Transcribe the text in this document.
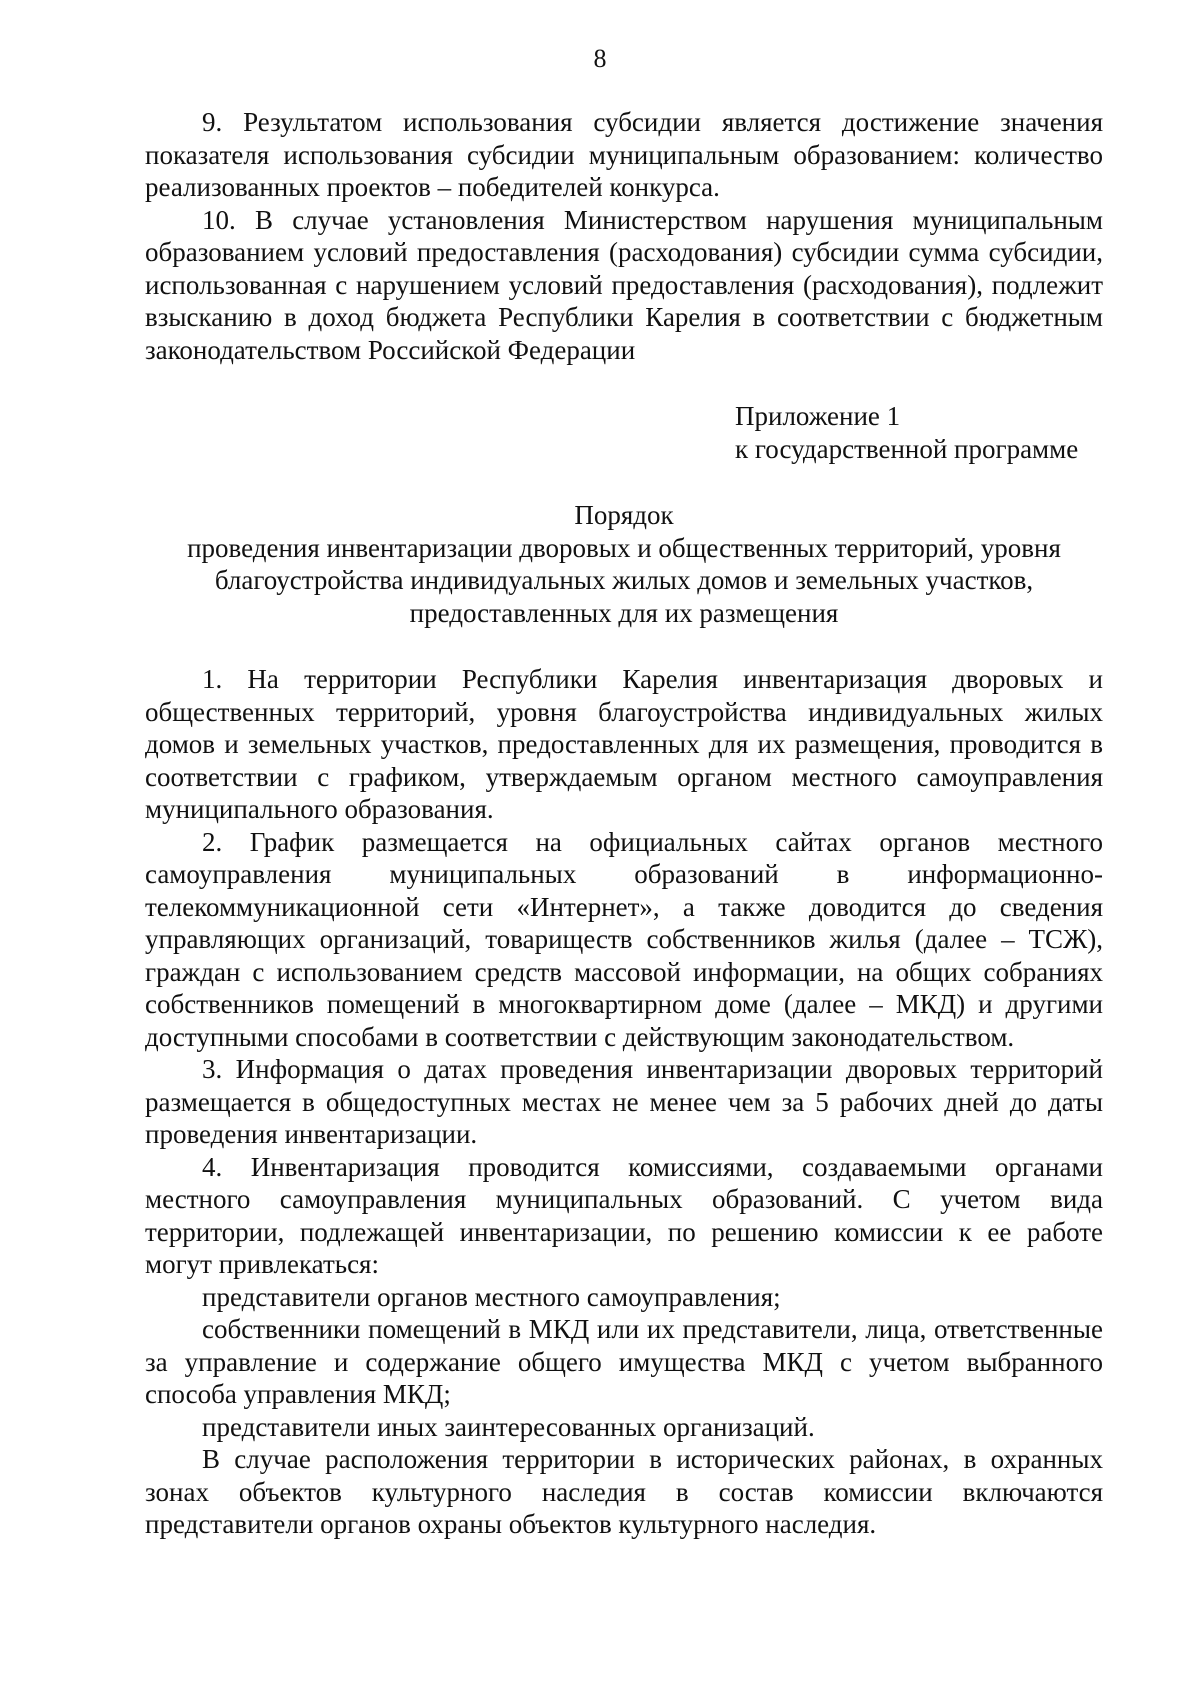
8

9. Результатом использования субсидии является достижение значения показателя использования субсидии муниципальным образованием: количество реализованных проектов – победителей конкурса.

10. В случае установления Министерством нарушения муниципальным образованием условий предоставления (расходования) субсидии сумма субсидии, использованная с нарушением условий предоставления (расходования), подлежит взысканию в доход бюджета Республики Карелия в соответствии с бюджетным законодательством Российской Федерации

Приложение 1
к государственной программе
Порядок
проведения инвентаризации дворовых и общественных территорий, уровня
благоустройства индивидуальных жилых домов и земельных участков,
предоставленных для их размещения

1. На территории Республики Карелия инвентаризация дворовых и общественных территорий, уровня благоустройства индивидуальных жилых домов и земельных участков, предоставленных для их размещения, проводится в соответствии с графиком, утверждаемым органом местного самоуправления муниципального образования.

2. График размещается на официальных сайтах органов местного самоуправления муниципальных образований в информационно-телекоммуникационной сети «Интернет», а также доводится до сведения управляющих организаций, товариществ собственников жилья (далее – ТСЖ), граждан с использованием средств массовой информации, на общих собраниях собственников помещений в многоквартирном доме (далее – МКД) и другими доступными способами в соответствии с действующим законодательством.

3. Информация о датах проведения инвентаризации дворовых территорий размещается в общедоступных местах не менее чем за 5 рабочих дней до даты проведения инвентаризации.

4. Инвентаризация проводится комиссиями, создаваемыми органами местного самоуправления муниципальных образований. С учетом вида территории, подлежащей инвентаризации, по решению комиссии к ее работе могут привлекаться:

представители органов местного самоуправления;

собственники помещений в МКД или их представители, лица, ответственные за управление и содержание общего имущества МКД с учетом выбранного способа управления МКД;

представители иных заинтересованных организаций.

В случае расположения территории в исторических районах, в охранных зонах объектов культурного наследия в состав комиссии включаются представители органов охраны объектов культурного наследия.
